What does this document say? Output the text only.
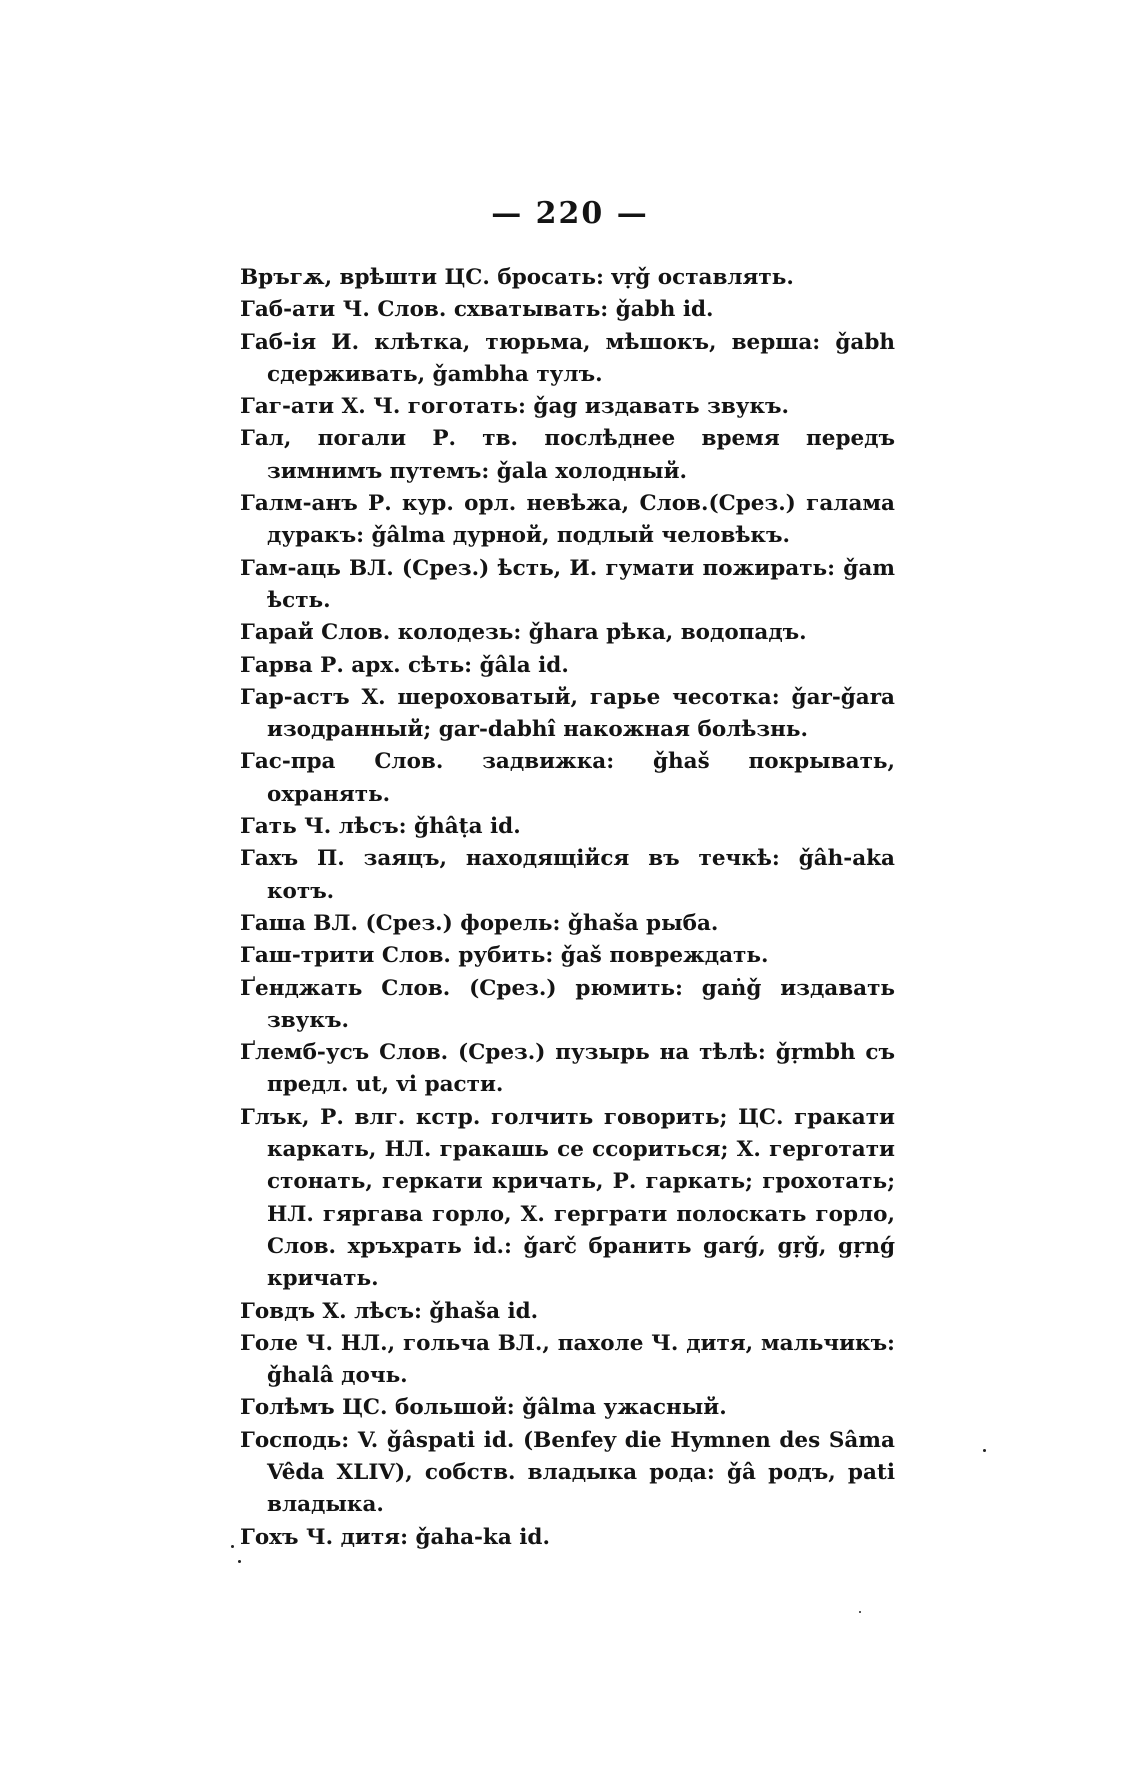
— 220 —

Връгѫ, врѣшти ЦС. бросать: vṛǧ оставлять.

Габ-ати Ч. Слов. схватывать: ǧabh id.

Габ-ія И. клѣтка, тюрьма, мѣшокъ, верша: ǧabh сдерживать, ǧambha тулъ.

Гаг-ати Х. Ч. гоготать: ǧag издавать звукъ.

Гал, погали Р. тв. послѣднее время передъ зимнимъ путемъ: ǧala холодный.

Галм-анъ Р. кур. орл. невѣжа, Слов.(Срез.) галама дуракъ: ǧâlma дурной, подлый человѣкъ.

Гам-аць ВЛ. (Срез.) ѣсть, И. гумати пожирать: ǧam ѣсть.

Гарай Слов. колодезь: ǧhara рѣка, водопадъ.

Гарва Р. арх. сѣть: ǧâla id.

Гар-астъ Х. шероховатый, гарье чесотка: ǧar-ǧara изодранный; gar-dabhî накожная болѣзнь.

Гас-пра Слов. задвижка: ǧhaš покрывать, охранять.

Гать Ч. лѣсъ: ǧhâṭa id.

Гахъ П. заяцъ, находящійся въ течкѣ: ǧâh-aka котъ.

Гаша ВЛ. (Срез.) форель: ǧhaša рыба.

Гаш-трити Слов. рубить: ǧaš повреждать.

Ґенджать Слов. (Срез.) рюмить: gaṅǧ издавать звукъ.

Ґлемб-усъ Слов. (Срез.) пузырь на тѣлѣ: ǧṛmbh съ предл. ut, vi расти.

Глък, Р. влг. кстр. голчить говорить; ЦС. гракати каркать, НЛ. гракашь се ссориться; Х. герготати стонать, геркати кричать, Р. гаркать; грохотать; НЛ. гяргава горло, Х. герграти полоскать горло, Слов. хръхрать id.: ǧarč бранить garǵ, gṛǧ, gṛnǵ кричать.

Говдъ Х. лѣсъ: ǧhaša id.

Голе Ч. НЛ., гольча ВЛ., пахоле Ч. дитя, мальчикъ: ǧhalâ дочь.

Голѣмъ ЦС. большой: ǧâlma ужасный.

Господь: V. ǧâspati id. (Benfey die Hymnen des Sâma Vêda XLIV), собств. владыка рода: ǧâ родъ, pati владыка.

Гохъ Ч. дитя: ǧaha-ka id.
